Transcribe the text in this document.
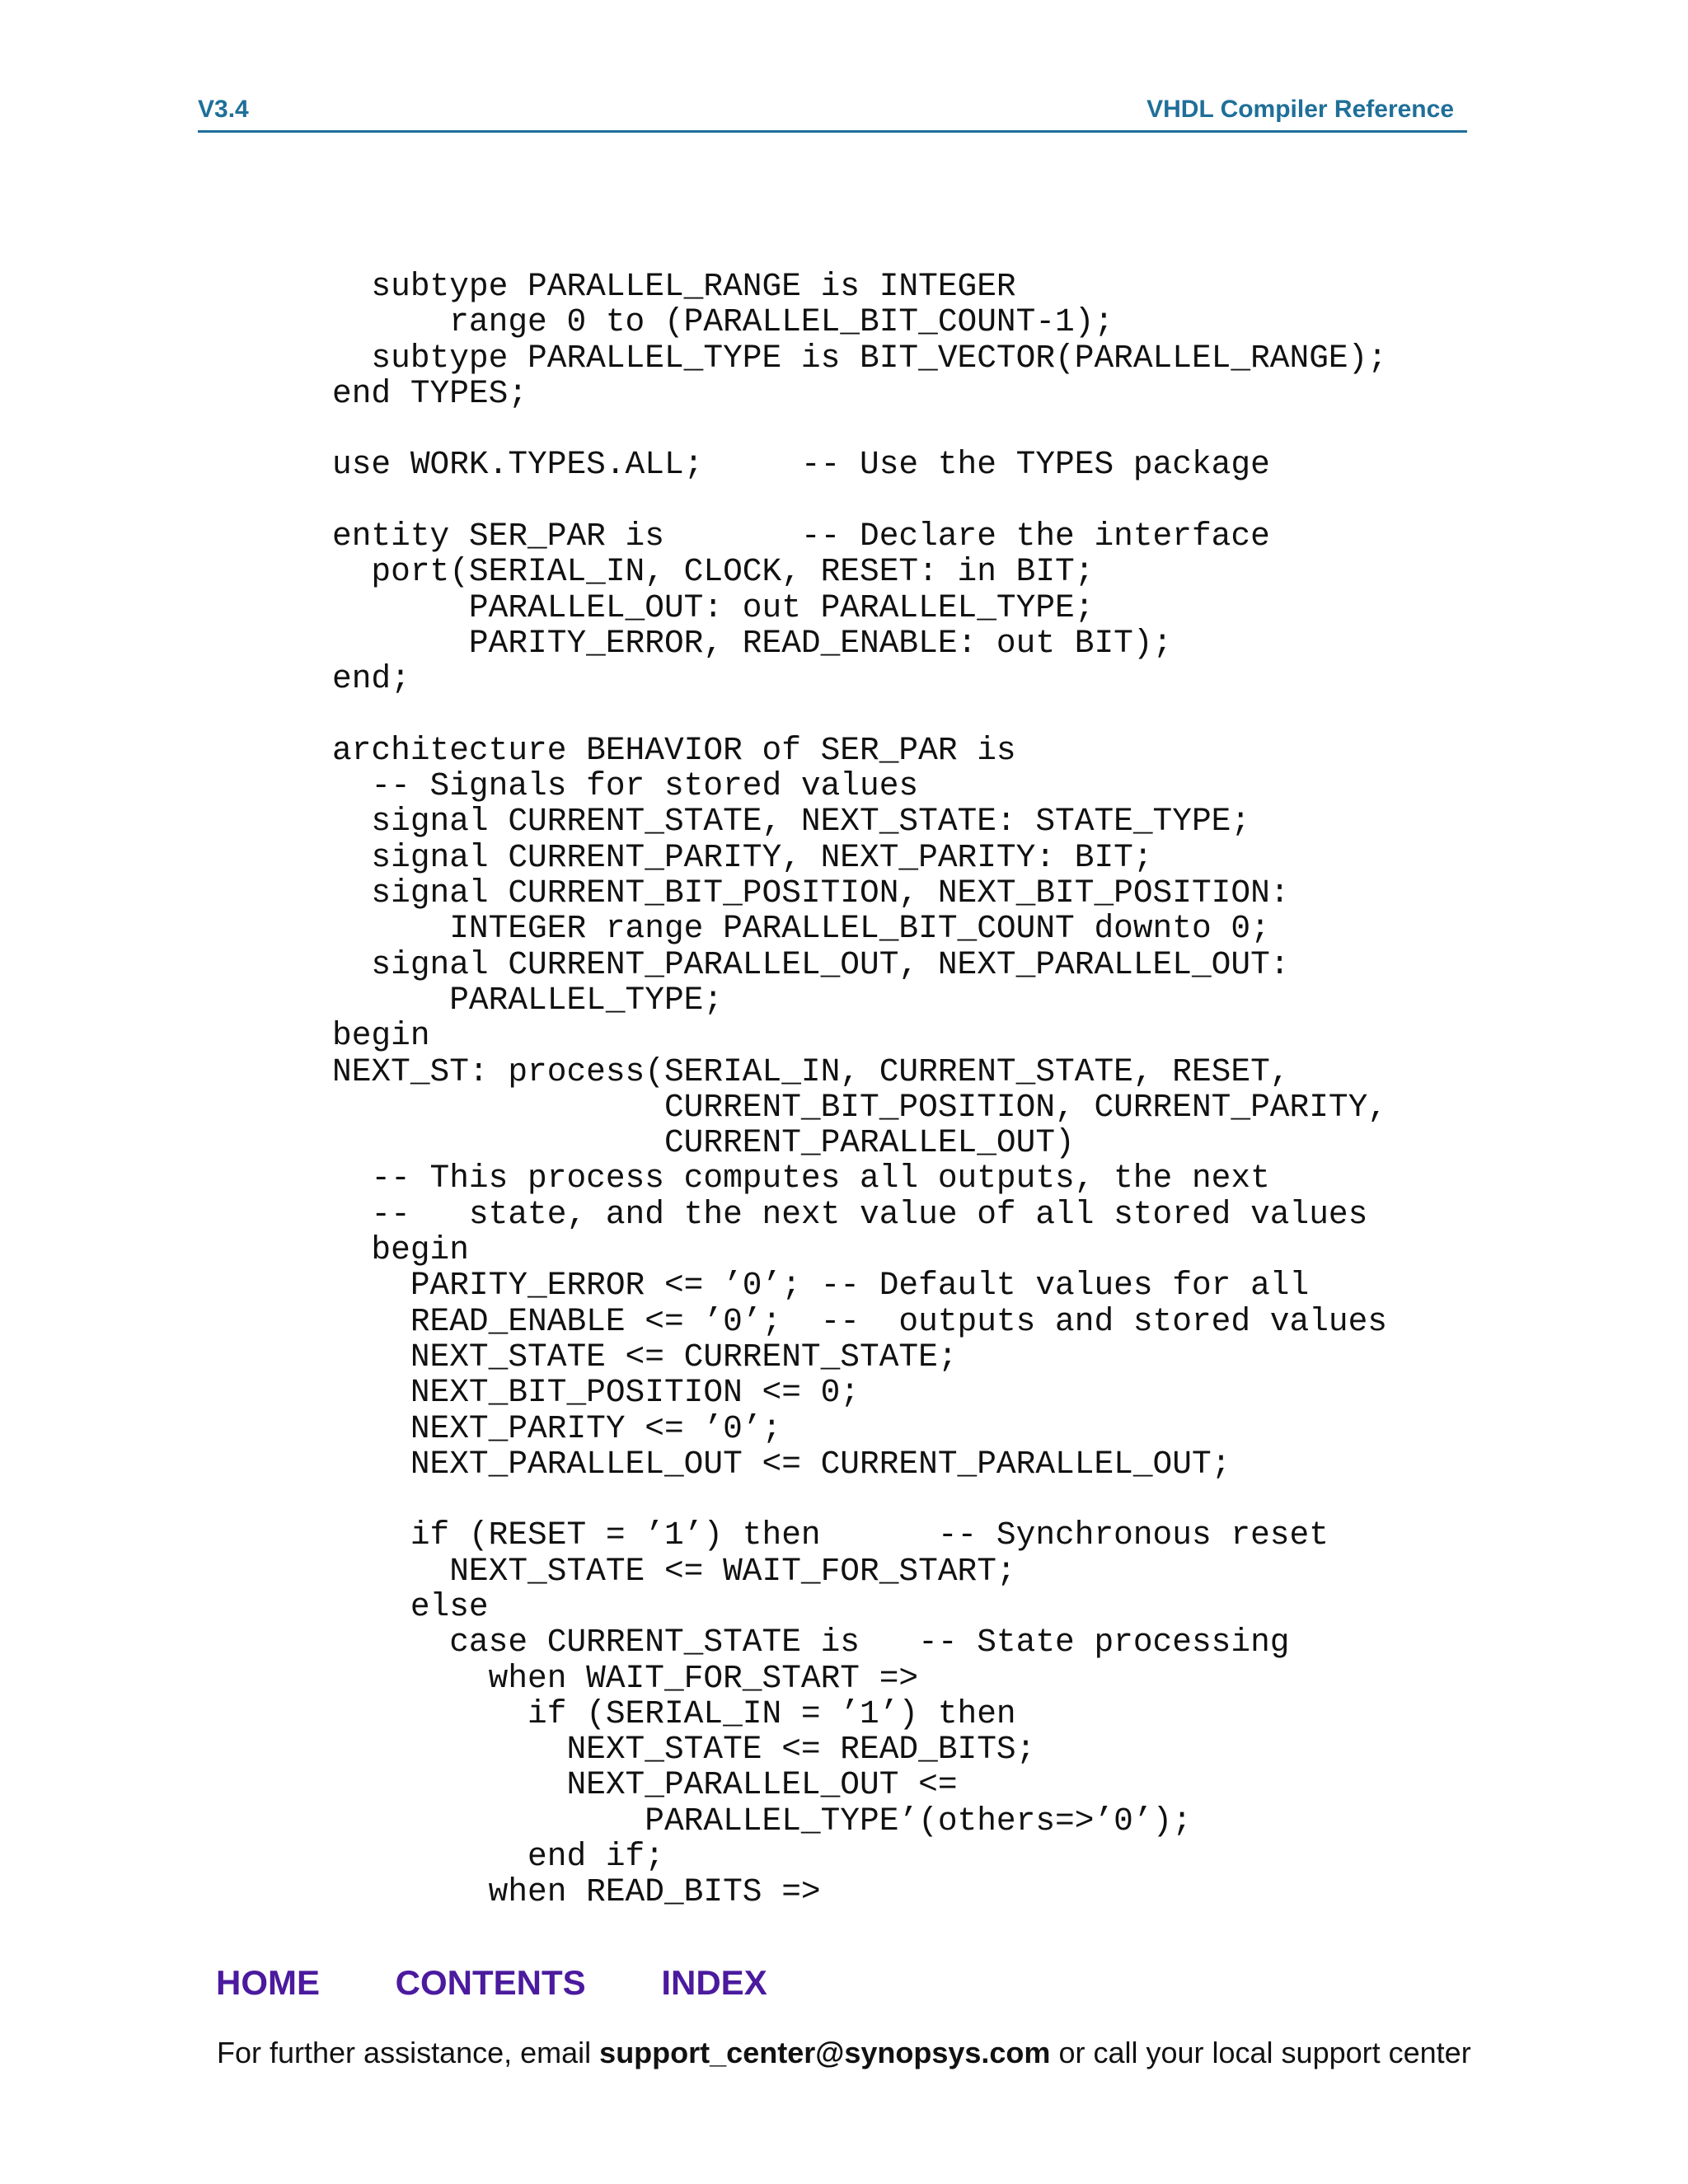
V3.4	VHDL Compiler Reference
subtype PARALLEL_RANGE is INTEGER
range 0 to (PARALLEL_BIT_COUNT-1);
subtype PARALLEL_TYPE is BIT_VECTOR(PARALLEL_RANGE);
end TYPES;
use WORK.TYPES.ALL;     -- Use the TYPES package
entity SER_PAR is       -- Declare the interface
port(SERIAL_IN, CLOCK, RESET: in BIT;
PARALLEL_OUT: out PARALLEL_TYPE;
PARITY_ERROR, READ_ENABLE: out BIT);
end;
architecture BEHAVIOR of SER_PAR is
-- Signals for stored values
signal CURRENT_STATE, NEXT_STATE: STATE_TYPE;
signal CURRENT_PARITY, NEXT_PARITY: BIT;
signal CURRENT_BIT_POSITION, NEXT_BIT_POSITION:
INTEGER range PARALLEL_BIT_COUNT downto 0;
signal CURRENT_PARALLEL_OUT, NEXT_PARALLEL_OUT:
PARALLEL_TYPE;
begin
NEXT_ST: process(SERIAL_IN, CURRENT_STATE, RESET,
CURRENT_BIT_POSITION, CURRENT_PARITY,
CURRENT_PARALLEL_OUT)
-- This process computes all outputs, the next
--   state, and the next value of all stored values
begin
PARITY_ERROR <= ’0’; -- Default values for all
READ_ENABLE <= ’0’;  --  outputs and stored values
NEXT_STATE <= CURRENT_STATE;
NEXT_BIT_POSITION <= 0;
NEXT_PARITY <= ’0’;
NEXT_PARALLEL_OUT <= CURRENT_PARALLEL_OUT;
if (RESET = ’1’) then      -- Synchronous reset
NEXT_STATE <= WAIT_FOR_START;
else
case CURRENT_STATE is   -- State processing
when WAIT_FOR_START =>
if (SERIAL_IN = ’1’) then
NEXT_STATE <= READ_BITS;
NEXT_PARALLEL_OUT <=
PARALLEL_TYPE’(others=>’0’);
end if;
when READ_BITS =>
HOME CONTENTS INDEX
For further assistance, email support_center@synopsys.com or call your local support center
